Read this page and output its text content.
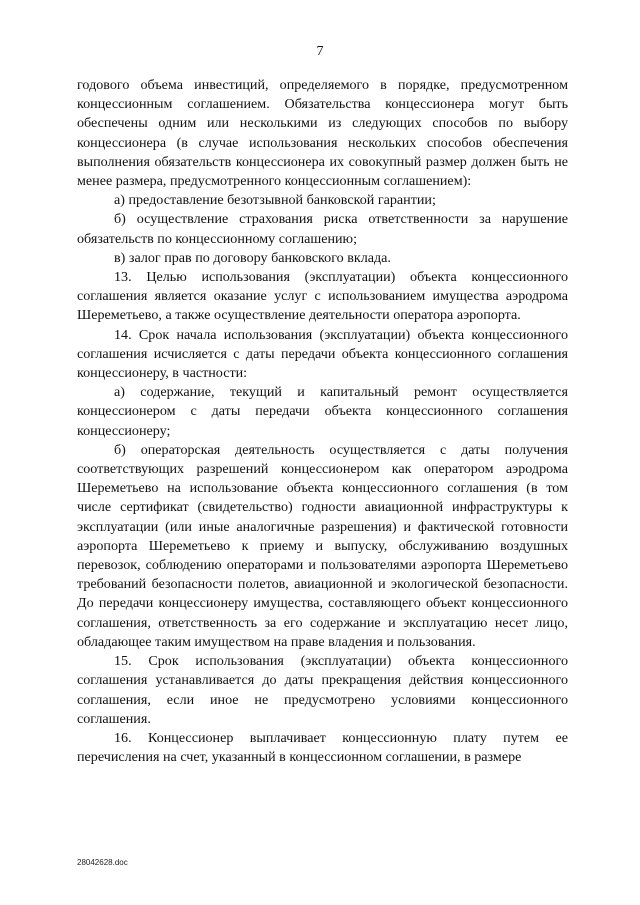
7

годового объема инвестиций, определяемого в порядке, предусмотренном концессионным соглашением. Обязательства концессионера могут быть обеспечены одним или несколькими из следующих способов по выбору концессионера (в случае использования нескольких способов обеспечения выполнения обязательств концессионера их совокупный размер должен быть не менее размера, предусмотренного концессионным соглашением):

а) предоставление безотзывной банковской гарантии;

б) осуществление страхования риска ответственности за нарушение обязательств по концессионному соглашению;

в) залог прав по договору банковского вклада.

13. Целью использования (эксплуатации) объекта концессионного соглашения является оказание услуг с использованием имущества аэродрома Шереметьево, а также осуществление деятельности оператора аэропорта.

14. Срок начала использования (эксплуатации) объекта концессионного соглашения исчисляется с даты передачи объекта концессионного соглашения концессионеру, в частности:

а) содержание, текущий и капитальный ремонт осуществляется концессионером с даты передачи объекта концессионного соглашения концессионеру;

б) операторская деятельность осуществляется с даты получения соответствующих разрешений концессионером как оператором аэродрома Шереметьево на использование объекта концессионного соглашения (в том числе сертификат (свидетельство) годности авиационной инфраструктуры к эксплуатации (или иные аналогичные разрешения) и фактической готовности аэропорта Шереметьево к приему и выпуску, обслуживанию воздушных перевозок, соблюдению операторами и пользователями аэропорта Шереметьево требований безопасности полетов, авиационной и экологической безопасности. До передачи концессионеру имущества, составляющего объект концессионного соглашения, ответственность за его содержание и эксплуатацию несет лицо, обладающее таким имуществом на праве владения и пользования.

15. Срок использования (эксплуатации) объекта концессионного соглашения устанавливается до даты прекращения действия концессионного соглашения, если иное не предусмотрено условиями концессионного соглашения.

16. Концессионер выплачивает концессионную плату путем ее перечисления на счет, указанный в концессионном соглашении, в размере

28042628.doc
